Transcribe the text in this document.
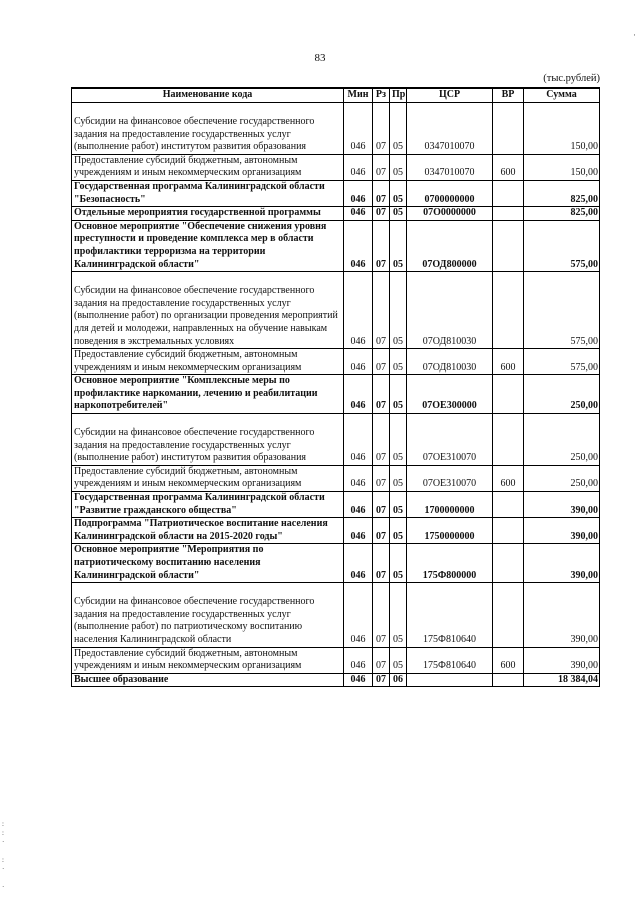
83
(тыс.рублей)
Наименование кода	Мин	Рз	Пр	ЦСР	ВР	Сумма
Субсидии на финансовое обеспечение государственного задания на предоставление государственных услуг (выполнение работ) институтом развития образования	046	07	05	0347010070		150,00
Предоставление субсидий бюджетным, автономным учреждениям и иным некоммерческим организациям	046	07	05	0347010070	600	150,00
Государственная программа Калининградской области "Безопасность"	046	07	05	0700000000		825,00
Отдельные мероприятия государственной программы	046	07	05	07О0000000		825,00
Основное мероприятие "Обеспечение снижения уровня преступности и проведение комплекса мер в области профилактики терроризма на территории Калининградской области"	046	07	05	07ОД800000		575,00
Субсидии на финансовое обеспечение государственного задания на предоставление государственных услуг (выполнение работ) по организации проведения мероприятий для детей и молодежи, направленных на обучение навыкам поведения в экстремальных условиях	046	07	05	07ОД810030		575,00
Предоставление субсидий бюджетным, автономным учреждениям и иным некоммерческим организациям	046	07	05	07ОД810030	600	575,00
Основное мероприятие "Комплексные меры по профилактике наркомании, лечению и реабилитации наркопотребителей"	046	07	05	07ОЕ300000		250,00
Субсидии на финансовое обеспечение государственного задания на предоставление государственных услуг (выполнение работ) институтом развития образования	046	07	05	07ОЕ310070		250,00
Предоставление субсидий бюджетным, автономным учреждениям и иным некоммерческим организациям	046	07	05	07ОЕ310070	600	250,00
Государственная программа Калининградской области "Развитие гражданского общества"	046	07	05	1700000000		390,00
Подпрограмма "Патриотическое воспитание населения Калининградской области на 2015-2020 годы"	046	07	05	1750000000		390,00
Основное мероприятие "Мероприятия по патриотическому воспитанию населения Калининградской области"	046	07	05	175Ф800000		390,00
Субсидии на финансовое обеспечение государственного задания на предоставление государственных услуг (выполнение работ) по патриотическому воспитанию населения Калининградской области	046	07	05	175Ф810640		390,00
Предоставление субсидий бюджетным, автономным учреждениям и иным некоммерческим организациям	046	07	05	175Ф810640	600	390,00
Высшее образование	046	07	06			18 384,04
·
:
:
·

:
·

·
